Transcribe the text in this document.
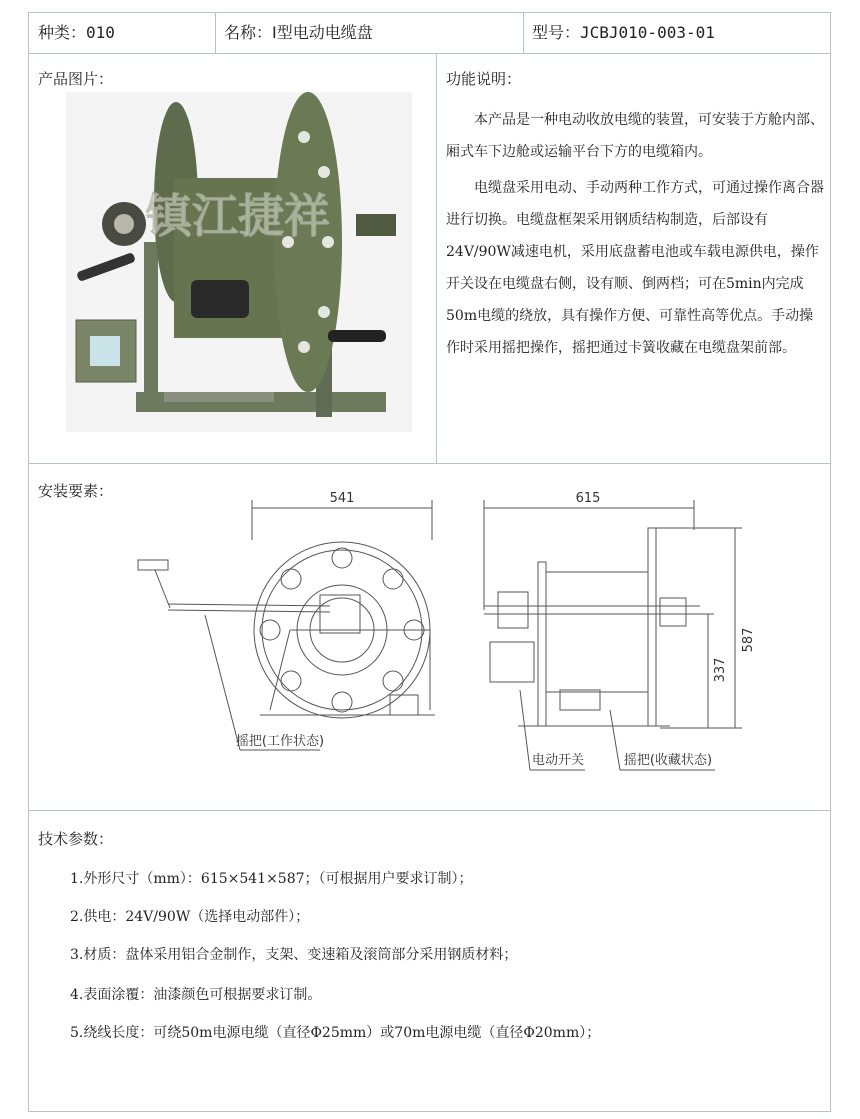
种类：010	名称：Ⅰ型电动电缆盘	型号：JCBJ010-003-01
产品图片：
镇江捷祥
功能说明：

本产品是一种电动收放电缆的装置，可安装于方舱内部、厢式车下边舱或运输平台下方的电缆箱内。

电缆盘采用电动、手动两种工作方式，可通过操作离合器进行切换。电缆盘框架采用钢质结构制造，后部设有24V/90W减速电机，采用底盘蓄电池或车载电源供电，操作开关设在电缆盘右侧，设有顺、倒两档；可在5min内完成50m电缆的绕放，具有操作方便、可靠性高等优点。手动操作时采用摇把操作，摇把通过卡簧收藏在电缆盘架前部。

安装要素：	541
摇把(工作状态)
615
587
337
电动开关	摇把(收藏状态)
技术参数：
1.外形尺寸（mm）：615×541×587；（可根据用户要求订制）；
2.供电：24V/90W（选择电动部件）；
3.材质：盘体采用铝合金制作，支架、变速箱及滚筒部分采用钢质材料；
4.表面涂覆：油漆颜色可根据要求订制。
5.绕线长度：可绕50m电源电缆（直径Φ25mm）或70m电源电缆（直径Φ20mm）；
